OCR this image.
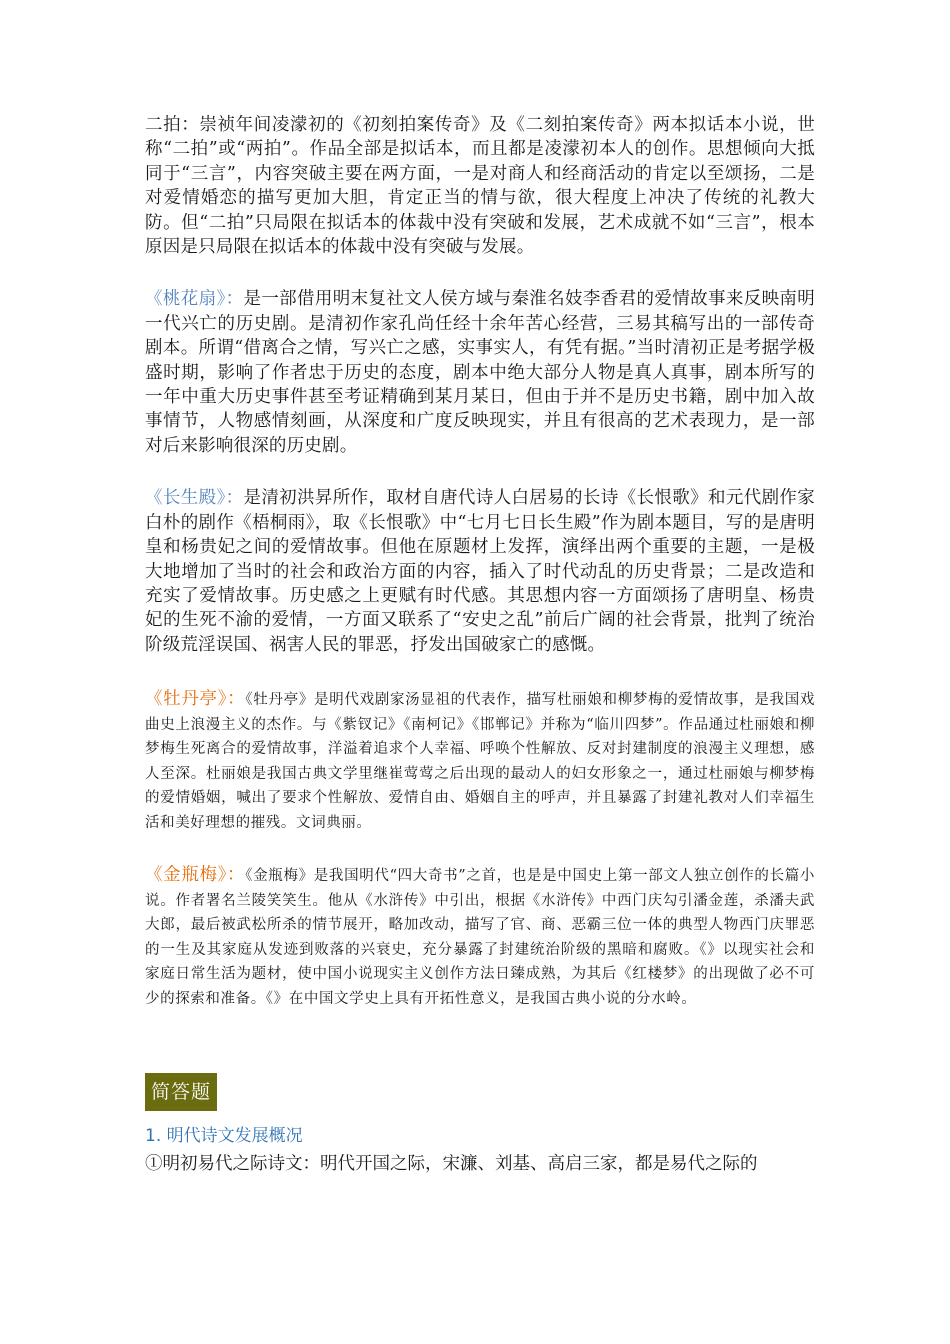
二拍：崇祯年间凌濛初的《初刻拍案传奇》及《二刻拍案传奇》两本拟话本小说，世称“二拍”或“两拍”。作品全部是拟话本，而且都是凌濛初本人的创作。思想倾向大抵同于“三言”，内容突破主要在两方面，一是对商人和经商活动的肯定以至颂扬，二是对爱情婚恋的描写更加大胆，肯定正当的情与欲，很大程度上冲决了传统的礼教大防。但“二拍”只局限在拟话本的体裁中没有突破和发展，艺术成就不如“三言”，根本原因是只局限在拟话本的体裁中没有突破与发展。

《桃花扇》：是一部借用明末复社文人侯方域与秦淮名妓李香君的爱情故事来反映南明一代兴亡的历史剧。是清初作家孔尚任经十余年苦心经营，三易其稿写出的一部传奇剧本。所谓“借离合之情，写兴亡之感，实事实人，有凭有据。”当时清初正是考据学极盛时期，影响了作者忠于历史的态度，剧本中绝大部分人物是真人真事，剧本所写的一年中重大历史事件甚至考证精确到某月某日，但由于并不是历史书籍，剧中加入故事情节，人物感情刻画，从深度和广度反映现实，并且有很高的艺术表现力，是一部对后来影响很深的历史剧。

《长生殿》：是清初洪昇所作，取材自唐代诗人白居易的长诗《长恨歌》和元代剧作家白朴的剧作《梧桐雨》，取《长恨歌》中“七月七日长生殿”作为剧本题目，写的是唐明皇和杨贵妃之间的爱情故事。但他在原题材上发挥，演绎出两个重要的主题，一是极大地增加了当时的社会和政治方面的内容，插入了时代动乱的历史背景；二是改造和充实了爱情故事。历史感之上更赋有时代感。其思想内容一方面颂扬了唐明皇、杨贵妃的生死不渝的爱情，一方面又联系了“安史之乱”前后广阔的社会背景，批判了统治阶级荒淫误国、祸害人民的罪恶，抒发出国破家亡的感慨。

《牡丹亭》：《牡丹亭》是明代戏剧家汤显祖的代表作，描写杜丽娘和柳梦梅的爱情故事，是我国戏曲史上浪漫主义的杰作。与《紫钗记》《南柯记》《邯郸记》并称为“临川四梦”。作品通过杜丽娘和柳梦梅生死离合的爱情故事，洋溢着追求个人幸福、呼唤个性解放、反对封建制度的浪漫主义理想，感人至深。杜丽娘是我国古典文学里继崔莺莺之后出现的最动人的妇女形象之一，通过杜丽娘与柳梦梅的爱情婚姻，喊出了要求个性解放、爱情自由、婚姻自主的呼声，并且暴露了封建礼教对人们幸福生活和美好理想的摧残。文词典丽。

《金瓶梅》：《金瓶梅》是我国明代“四大奇书”之首，也是是中国史上第一部文人独立创作的长篇小说。作者署名兰陵笑笑生。他从《水浒传》中引出，根据《水浒传》中西门庆勾引潘金莲，杀潘夫武大郎，最后被武松所杀的情节展开，略加改动，描写了官、商、恶霸三位一体的典型人物西门庆罪恶的一生及其家庭从发迹到败落的兴衰史，充分暴露了封建统治阶级的黑暗和腐败。《》以现实社会和家庭日常生活为题材，使中国小说现实主义创作方法日臻成熟，为其后《红楼梦》的出现做了必不可少的探索和准备。《》在中国文学史上具有开拓性意义，是我国古典小说的分水岭。

简答题

1. 明代诗文发展概况

①明初易代之际诗文：明代开国之际，宋濂、刘基、高启三家，都是易代之际的
